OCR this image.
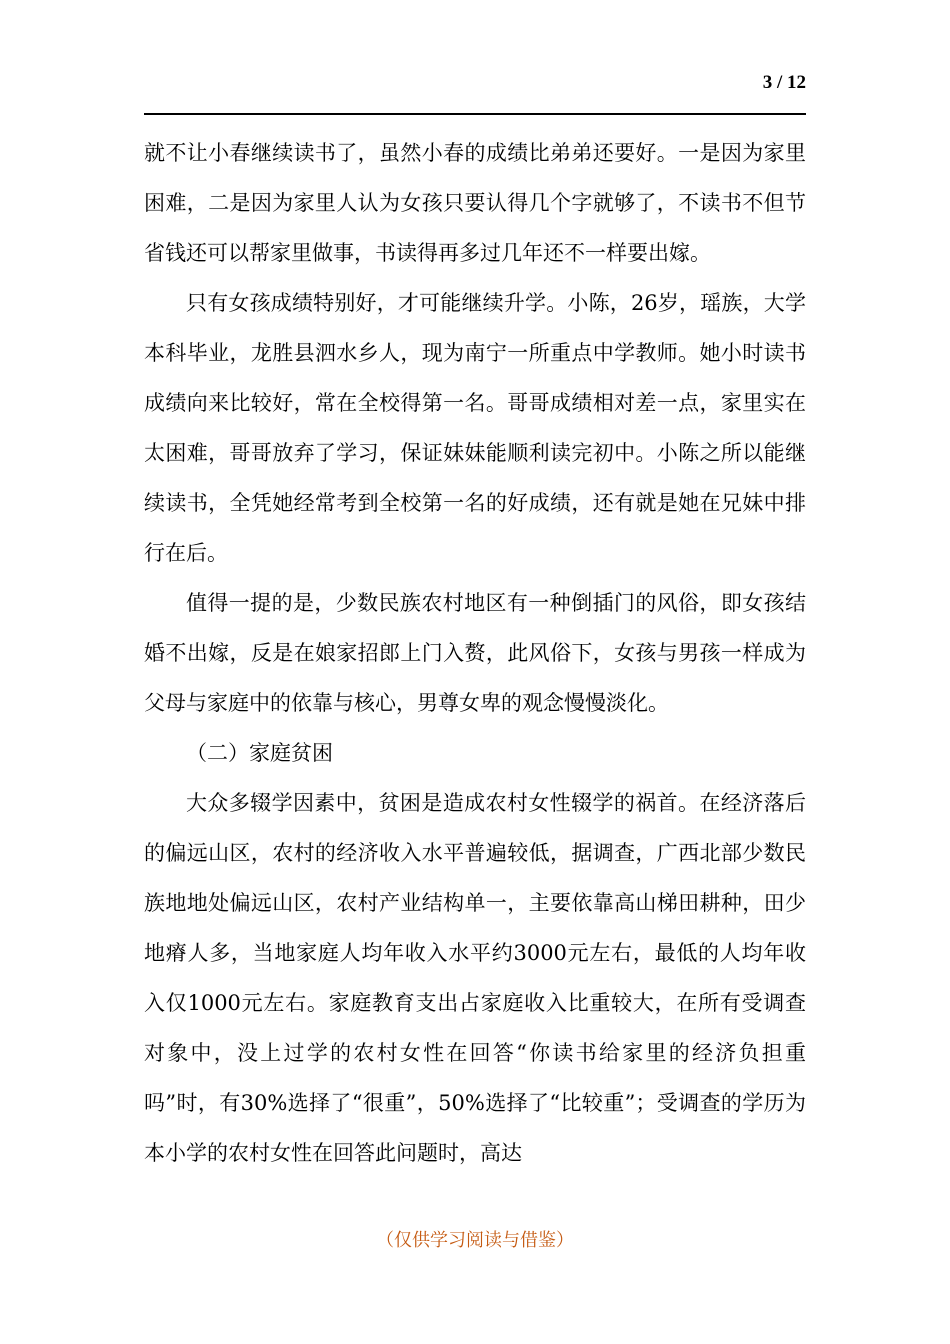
3 / 12

就不让小春继续读书了，虽然小春的成绩比弟弟还要好。一是因为家里困难，二是因为家里人认为女孩只要认得几个字就够了，不读书不但节省钱还可以帮家里做事，书读得再多过几年还不一样要出嫁。

只有女孩成绩特别好，才可能继续升学。小陈，26岁，瑶族，大学本科毕业，龙胜县泗水乡人，现为南宁一所重点中学教师。她小时读书成绩向来比较好，常在全校得第一名。哥哥成绩相对差一点，家里实在太困难，哥哥放弃了学习，保证妹妹能顺利读完初中。小陈之所以能继续读书，全凭她经常考到全校第一名的好成绩，还有就是她在兄妹中排行在后。

值得一提的是，少数民族农村地区有一种倒插门的风俗，即女孩结婚不出嫁，反是在娘家招郎上门入赘，此风俗下，女孩与男孩一样成为父母与家庭中的依靠与核心，男尊女卑的观念慢慢淡化。

（二）家庭贫困

大众多辍学因素中，贫困是造成农村女性辍学的祸首。在经济落后的偏远山区，农村的经济收入水平普遍较低，据调查，广西北部少数民族地地处偏远山区，农村产业结构单一，主要依靠高山梯田耕种，田少地瘠人多，当地家庭人均年收入水平约3000元左右，最低的人均年收入仅1000元左右。家庭教育支出占家庭收入比重较大，在所有受调查对象中，没上过学的农村女性在回答“你读书给家里的经济负担重吗”时，有30%选择了“很重”，50%选择了“比较重”；受调查的学历为本小学的农村女性在回答此问题时，高达

（仅供学习阅读与借鉴）
